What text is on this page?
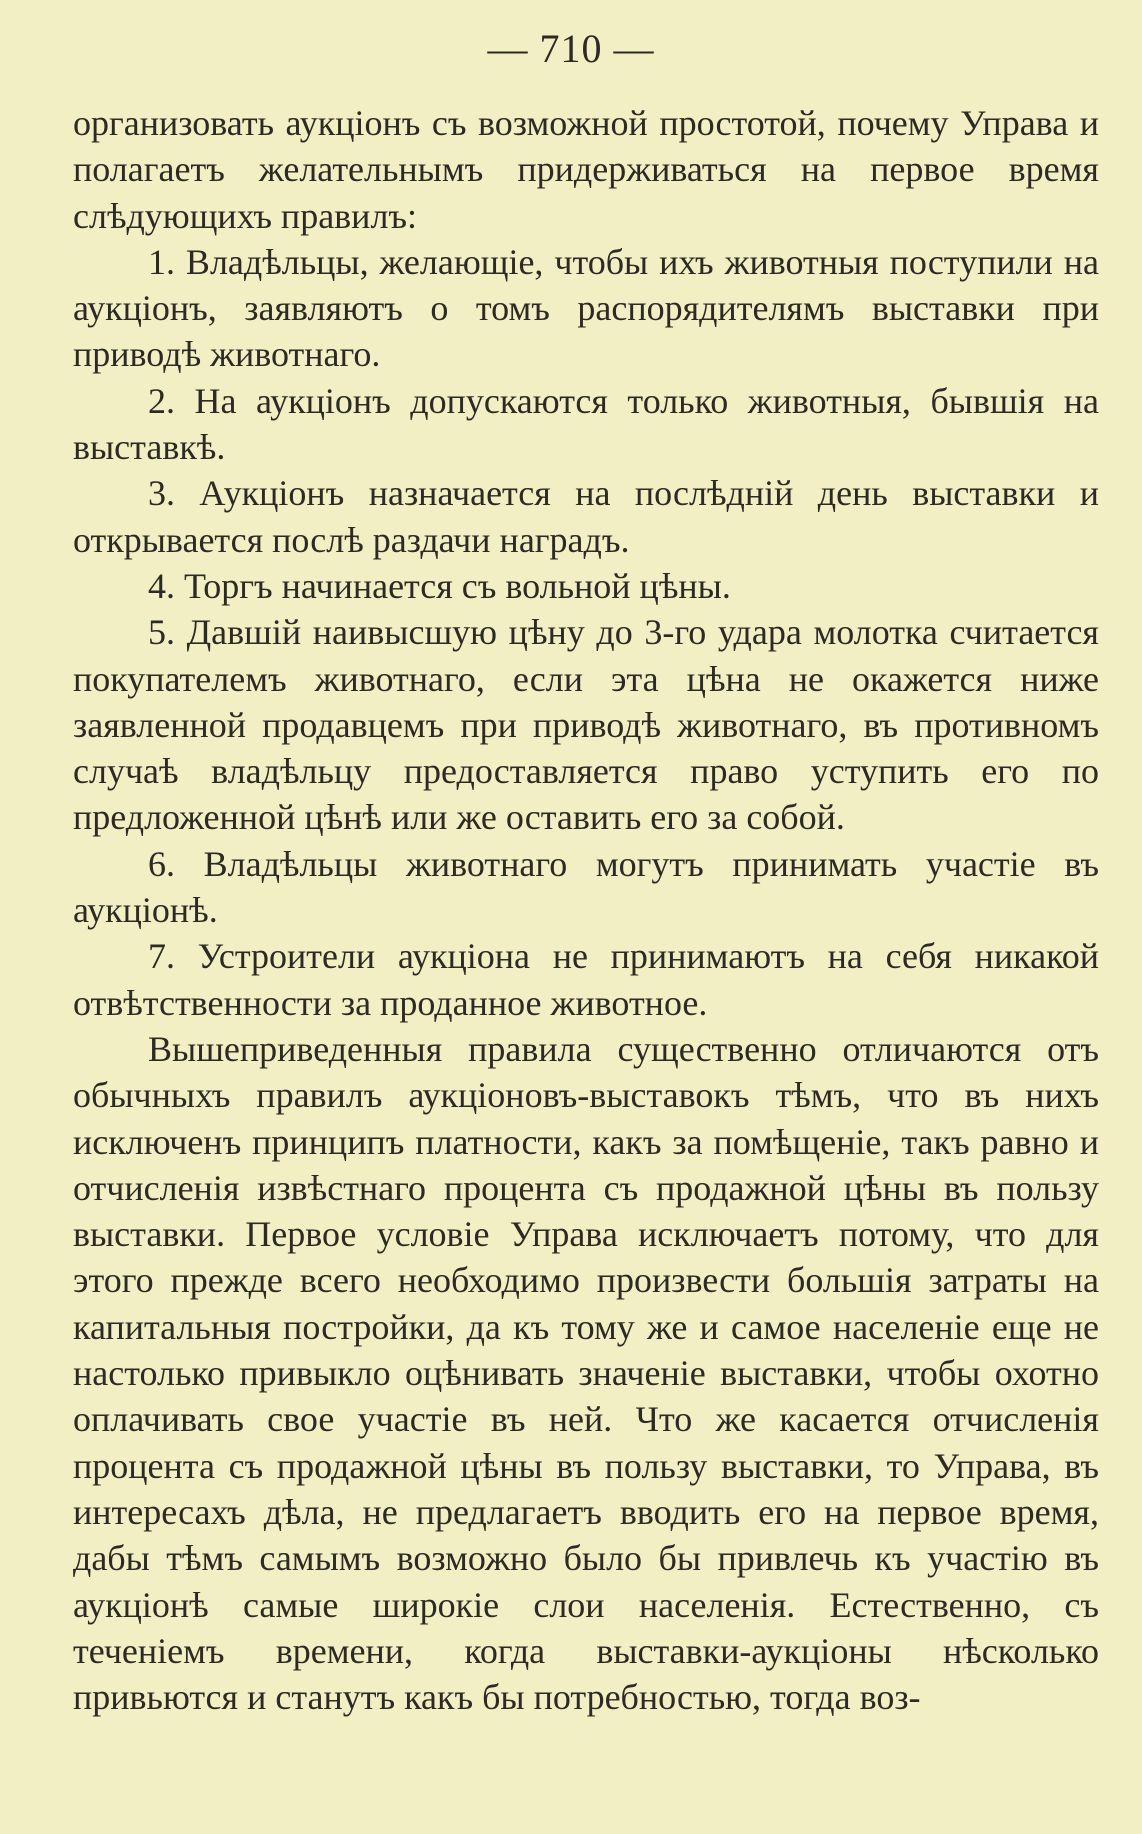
— 710 —

организовать аукціонъ съ возможной простотой, почему Управа и полагаетъ желательнымъ придерживаться на первое время слѣдующихъ правилъ:

1. Владѣльцы, желающіе, чтобы ихъ животныя поступили на аукціонъ, заявляютъ о томъ распорядителямъ выставки при приводѣ животнаго.

2. На аукціонъ допускаются только животныя, бывшія на выставкѣ.

3. Аукціонъ назначается на послѣдній день выставки и открывается послѣ раздачи наградъ.

4. Торгъ начинается съ вольной цѣны.

5. Давшій наивысшую цѣну до 3-го удара молотка считается покупателемъ животнаго, если эта цѣна не окажется ниже заявленной продавцемъ при приводѣ животнаго, въ противномъ случаѣ владѣльцу предоставляется право уступить его по предложенной цѣнѣ или же оставить его за собой.

6. Владѣльцы животнаго могутъ принимать участіе въ аукціонѣ.

7. Устроители аукціона не принимаютъ на себя никакой отвѣтственности за проданное животное.

Вышеприведенныя правила существенно отличаются отъ обычныхъ правилъ аукціоновъ-выставокъ тѣмъ, что въ нихъ исключенъ принципъ платности, какъ за помѣщеніе, такъ равно и отчисленія извѣстнаго процента съ продажной цѣны въ пользу выставки. Первое условіе Управа исключаетъ потому, что для этого прежде всего необходимо произвести большія затраты на капитальныя постройки, да къ тому же и самое населеніе еще не настолько привыкло оцѣнивать значеніе выставки, чтобы охотно оплачивать свое участіе въ ней. Что же касается отчисленія процента съ продажной цѣны въ пользу выставки, то Управа, въ интересахъ дѣла, не предлагаетъ вводить его на первое время, дабы тѣмъ самымъ возможно было бы привлечь къ участію въ аукціонѣ самые широкіе слои населенія. Естественно, съ теченіемъ времени, когда выставки-аукціоны нѣсколько привьются и станутъ какъ бы потребностью, тогда воз-
